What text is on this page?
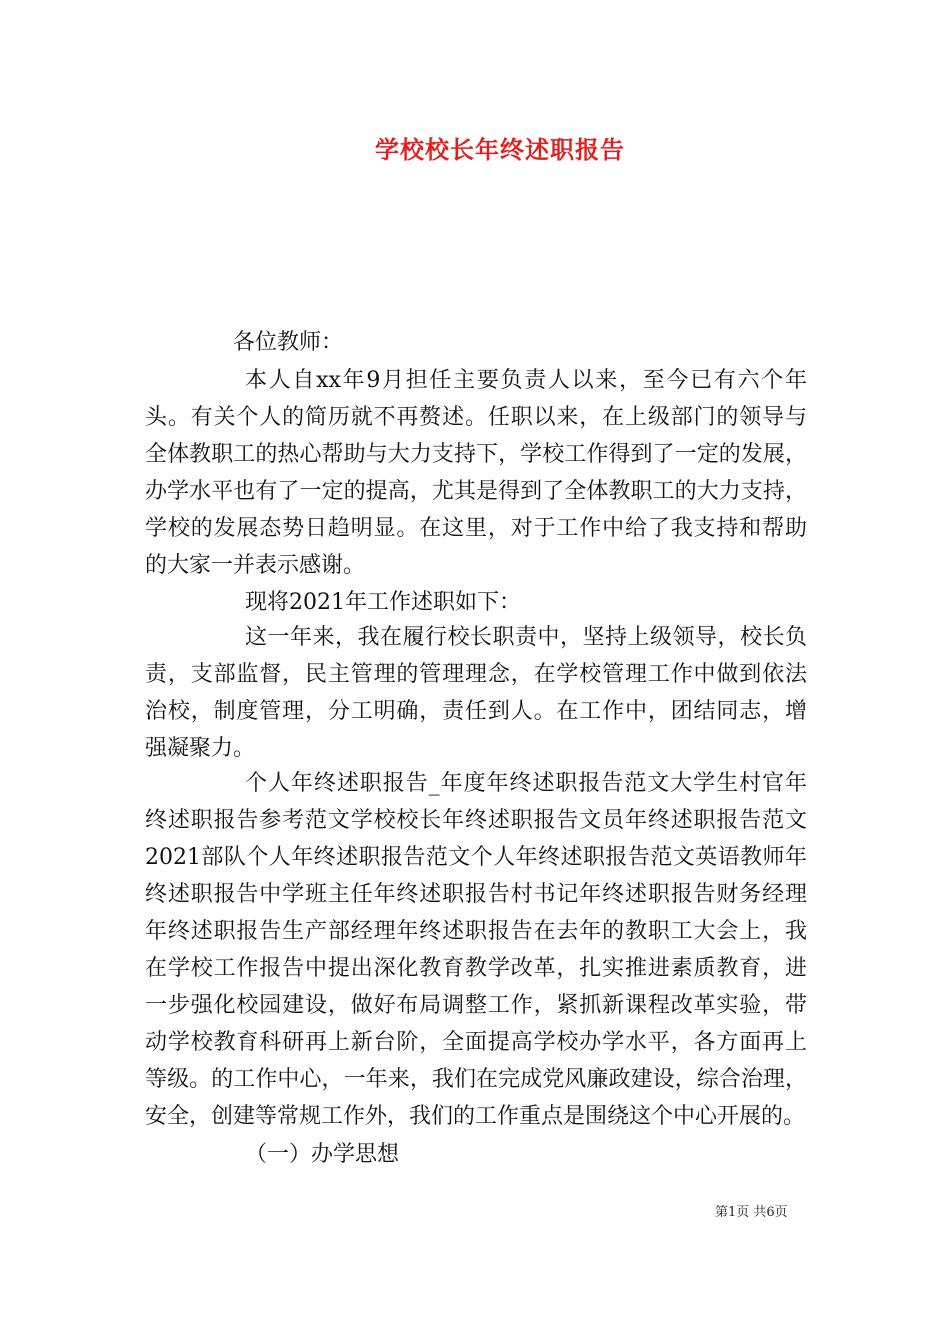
学校校长年终述职报告
各位教师：
本人自xx年9月担任主要负责人以来，至今已有六个年
头。有关个人的简历就不再赘述。任职以来，在上级部门的领导与
全体教职工的热心帮助与大力支持下，学校工作得到了一定的发展，
办学水平也有了一定的提高，尤其是得到了全体教职工的大力支持，
学校的发展态势日趋明显。在这里，对于工作中给了我支持和帮助
的大家一并表示感谢。
现将2021年工作述职如下：
这一年来，我在履行校长职责中，坚持上级领导，校长负
责，支部监督，民主管理的管理理念，在学校管理工作中做到依法
治校，制度管理，分工明确，责任到人。在工作中，团结同志，增
强凝聚力。
个人年终述职报告_年度年终述职报告范文大学生村官年
终述职报告参考范文学校校长年终述职报告文员年终述职报告范文
2021部队个人年终述职报告范文个人年终述职报告范文英语教师年
终述职报告中学班主任年终述职报告村书记年终述职报告财务经理
年终述职报告生产部经理年终述职报告在去年的教职工大会上，我
在学校工作报告中提出深化教育教学改革，扎实推进素质教育，进
一步强化校园建设，做好布局调整工作，紧抓新课程改革实验，带
动学校教育科研再上新台阶，全面提高学校办学水平，各方面再上
等级。的工作中心，一年来，我们在完成党风廉政建设，综合治理，
安全，创建等常规工作外，我们的工作重点是围绕这个中心开展的。
（一）办学思想
第1页 共6页
